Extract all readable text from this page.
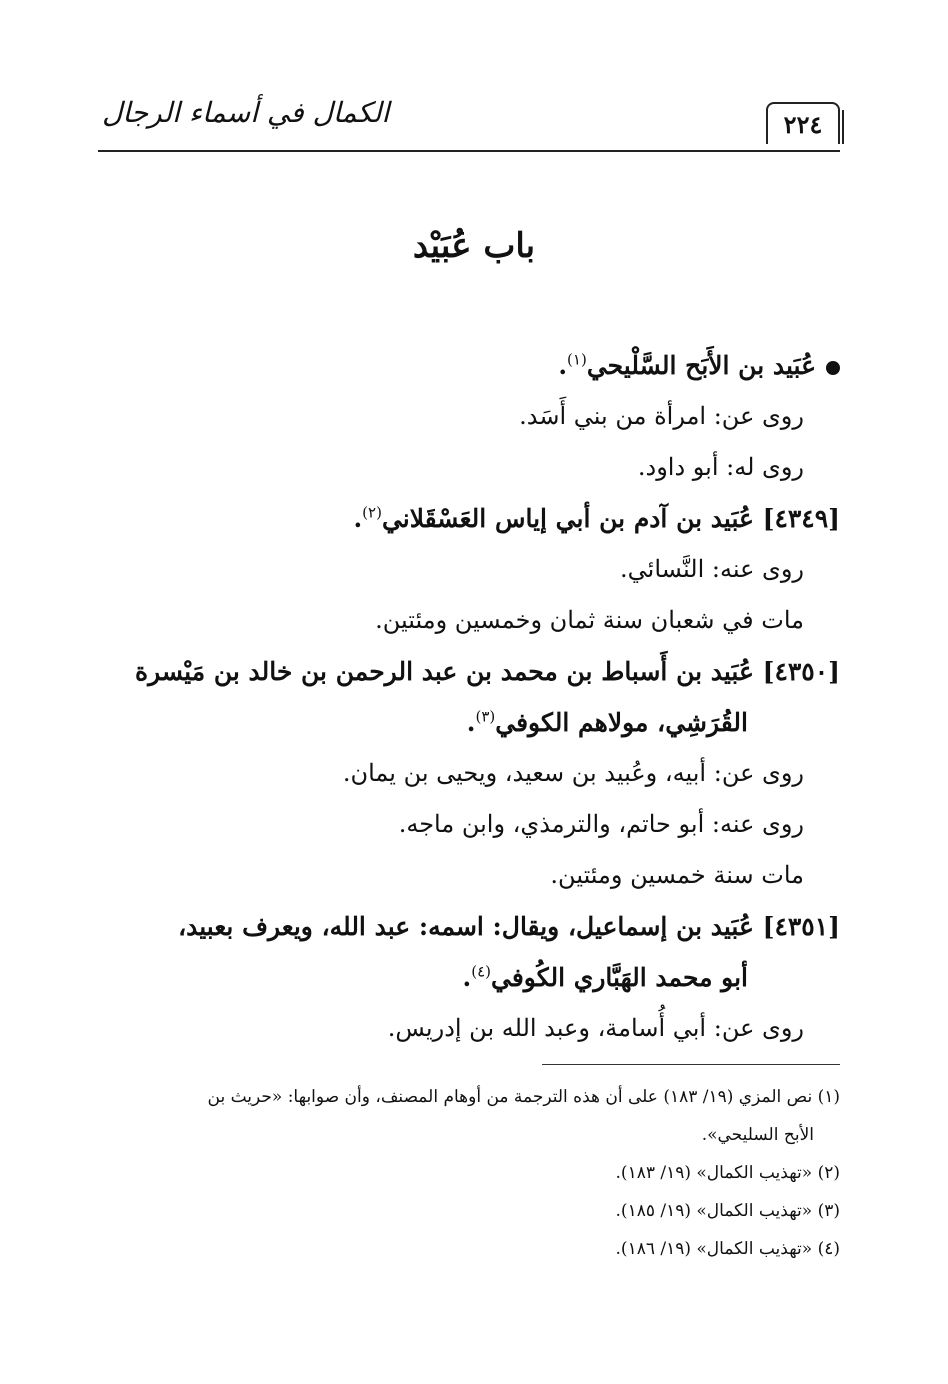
٢٢٤
الكمال في أسماء الرجال
باب عُبَيْد
عُبَيد بن الأَبَح السَّلْيحي$^{(١)}$.
روى عن: امرأة من بني أَسَد.
روى له: أبو داود.
[٤٣٤٩] عُبَيد بن آدم بن أبي إياس العَسْقَلاني$^{(٢)}$.
روى عنه: النَّسائي.
مات في شعبان سنة ثمان وخمسين ومئتين.
[٤٣٥٠] عُبَيد بن أَسباط بن محمد بن عبد الرحمن بن خالد بن مَيْسرة
القُرَشِي، مولاهم الكوفي$^{(٣)}$.
روى عن: أبيه، وعُبيد بن سعيد، ويحيى بن يمان.
روى عنه: أبو حاتم، والترمذي، وابن ماجه.
مات سنة خمسين ومئتين.
[٤٣٥١] عُبَيد بن إسماعيل، ويقال: اسمه: عبد الله، ويعرف بعبيد،
أبو محمد الهَبَّاري الكُوفي$^{(٤)}$.
روى عن: أبي أُسامة، وعبد الله بن إدريس.
(١) نص المزي (١٩/ ١٨٣) على أن هذه الترجمة من أوهام المصنف، وأن صوابها: «حريث بن
الأبح السليحي».
(٢) «تهذيب الكمال» (١٩/ ١٨٣).
(٣) «تهذيب الكمال» (١٩/ ١٨٥).
(٤) «تهذيب الكمال» (١٩/ ١٨٦).
